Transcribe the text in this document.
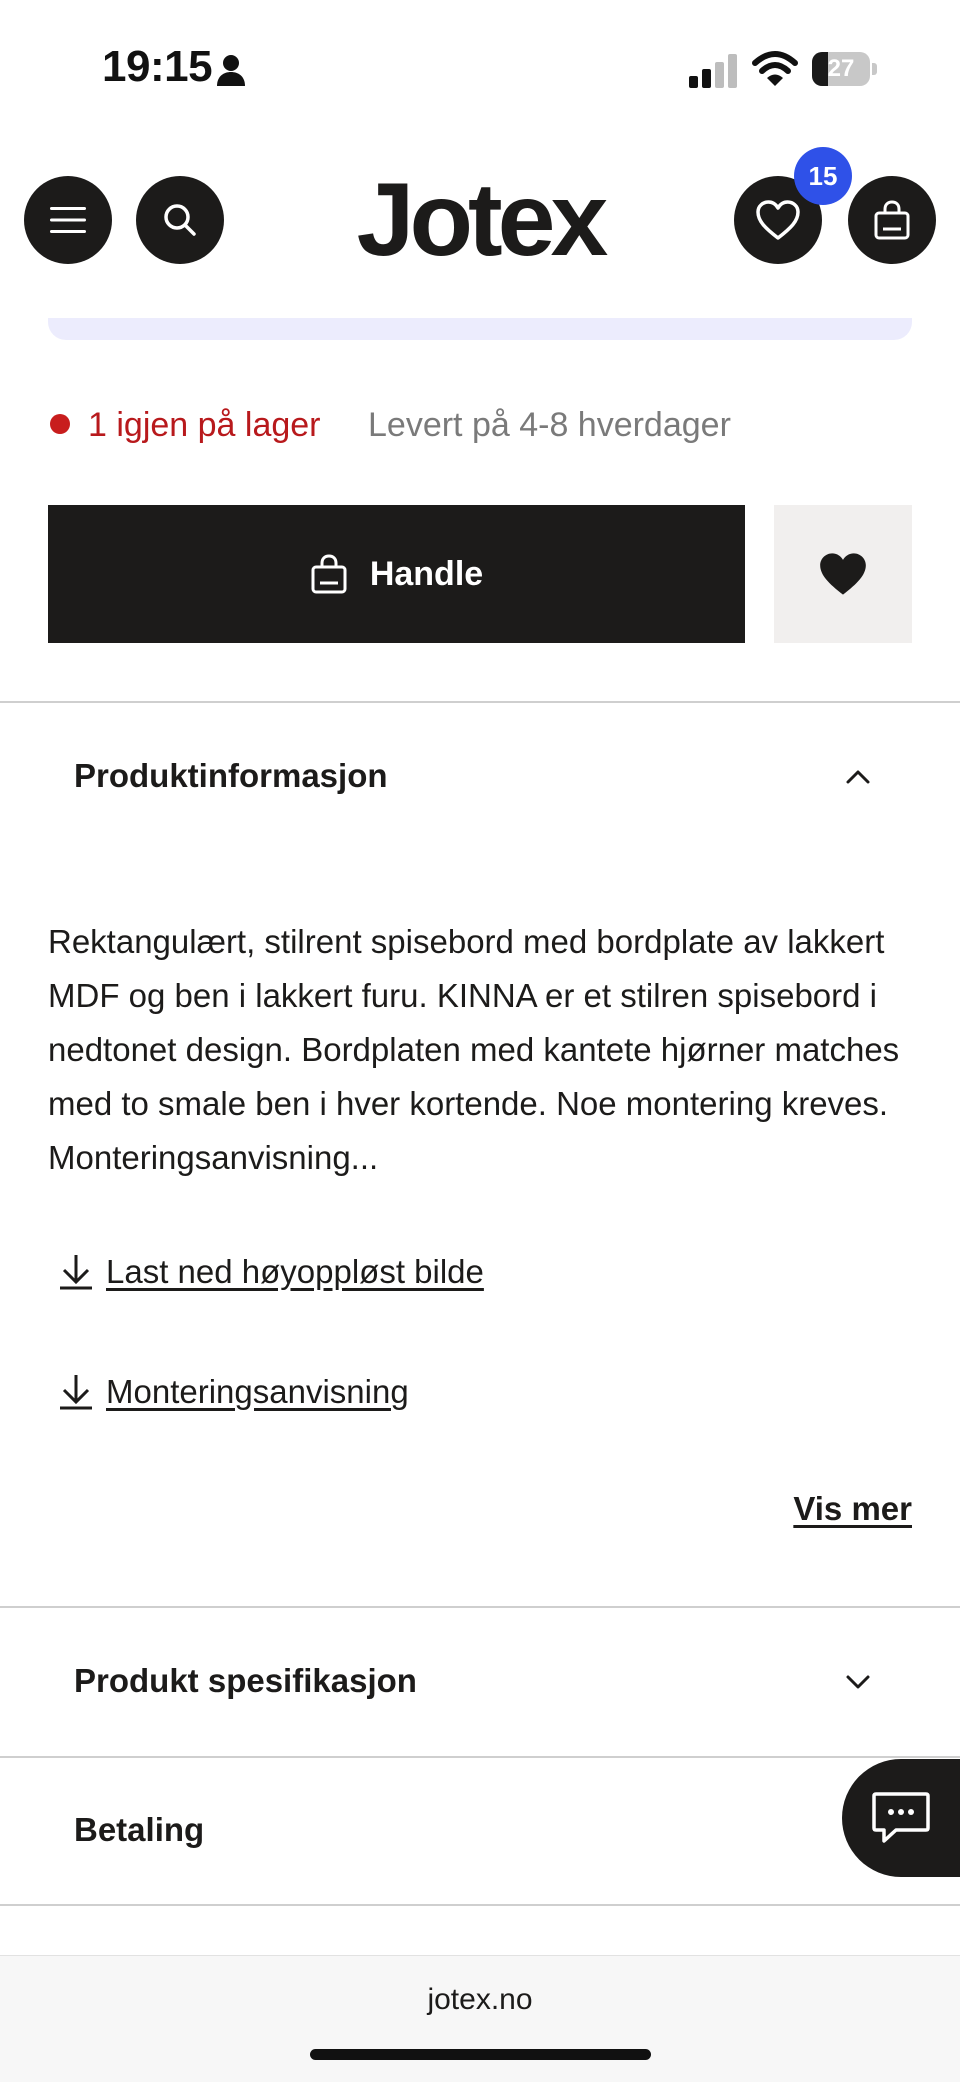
19:15	27
Jotex	15
1 igjen på lager Levert på 4-8 hverdager
Handle
Produktinformasjon
Rektangulært, stilrent spisebord med bordplate av lakkert MDF og ben i lakkert furu. KINNA er et stilren spisebord i nedtonet design. Bordplaten med kantete hjørner matches med to smale ben i hver kortende. Noe montering kreves. Monteringsanvisning...
Last ned høyoppløst bilde
Monteringsanvisning
Vis mer
Produkt spesifikasjon
Betaling
jotex.no
